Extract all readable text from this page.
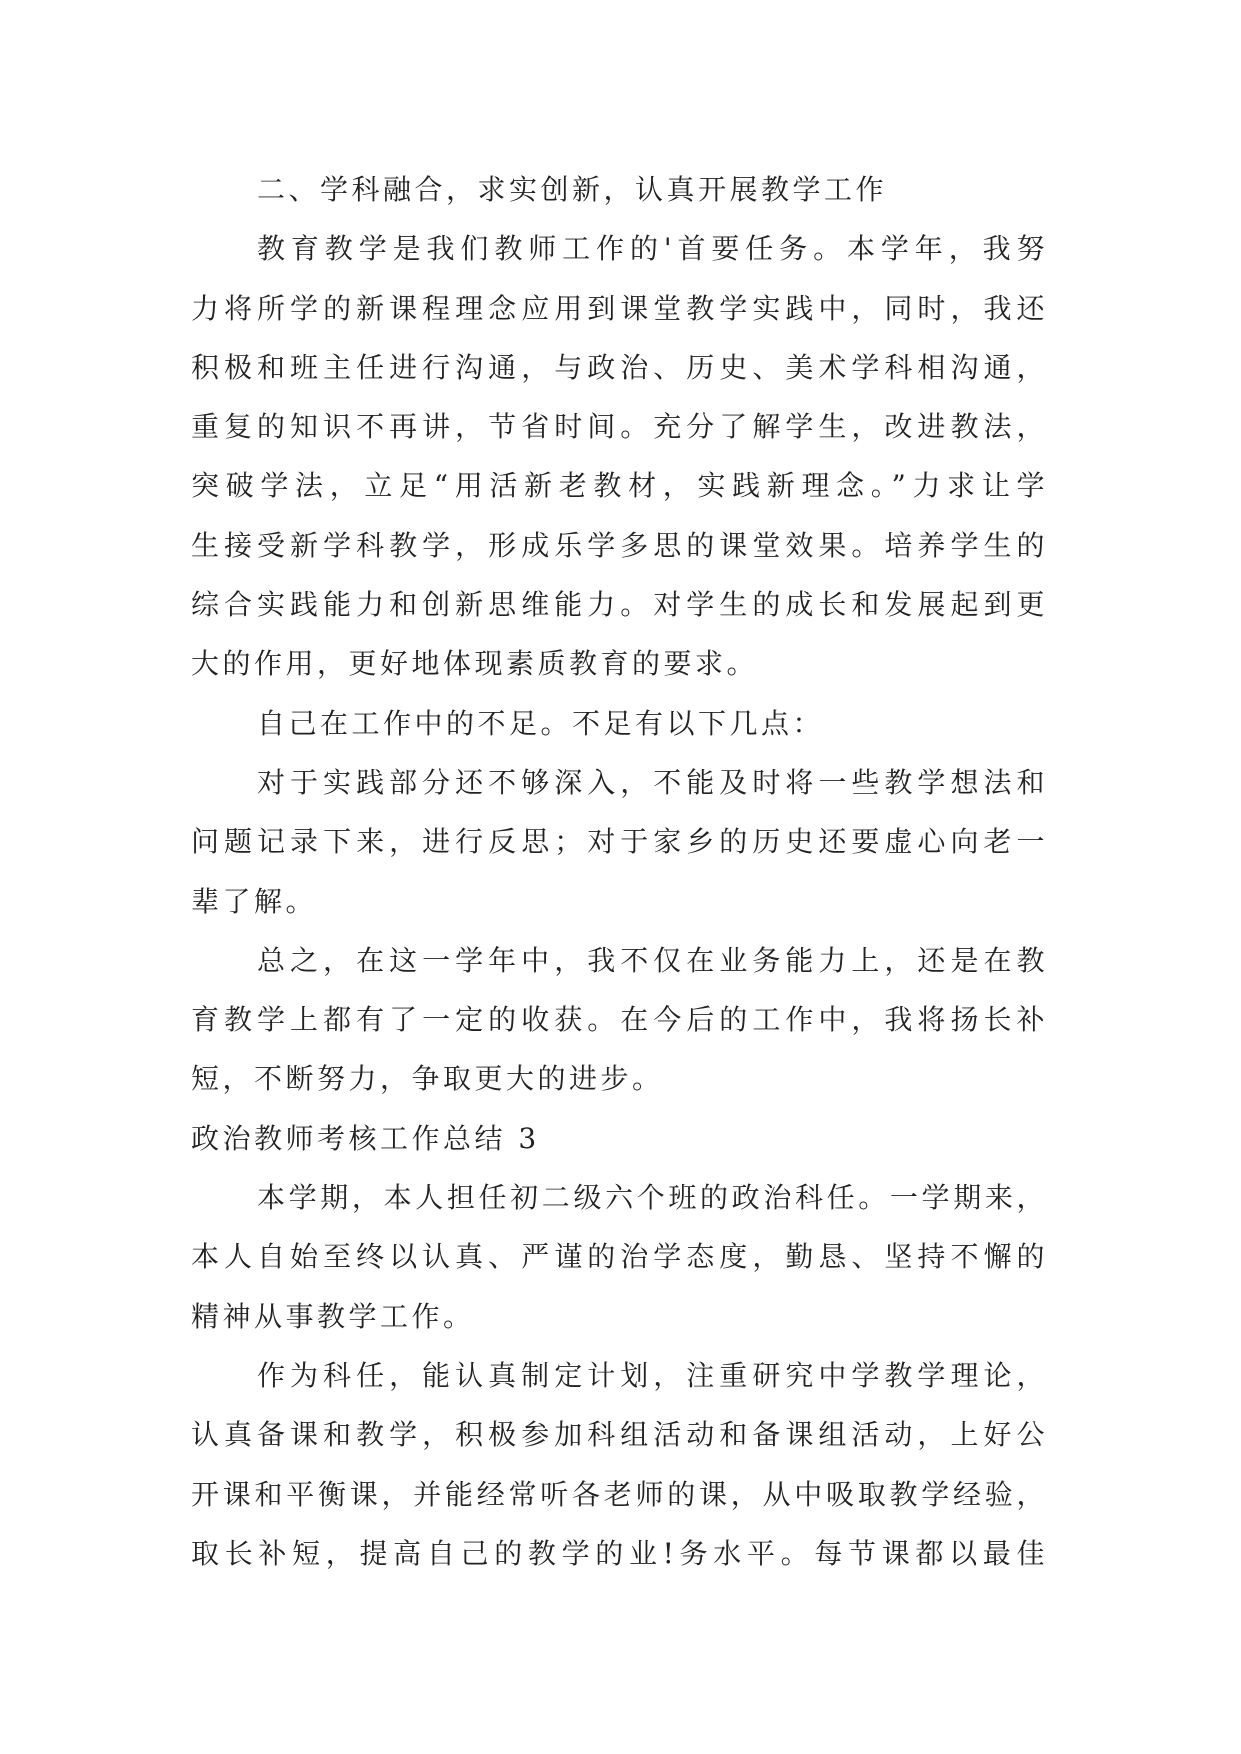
二、学科融合，求实创新，认真开展教学工作
教育教学是我们教师工作的'首要任务。本学年，我努
力将所学的新课程理念应用到课堂教学实践中，同时，我还
积极和班主任进行沟通，与政治、历史、美术学科相沟通，
重复的知识不再讲，节省时间。充分了解学生，改进教法，
突破学法，立足“用活新老教材，实践新理念。”力求让学
生接受新学科教学，形成乐学多思的课堂效果。培养学生的
综合实践能力和创新思维能力。对学生的成长和发展起到更
大的作用，更好地体现素质教育的要求。
自己在工作中的不足。不足有以下几点：
对于实践部分还不够深入，不能及时将一些教学想法和
问题记录下来，进行反思；对于家乡的历史还要虚心向老一
辈了解。
总之，在这一学年中，我不仅在业务能力上，还是在教
育教学上都有了一定的收获。在今后的工作中，我将扬长补
短，不断努力，争取更大的进步。
政治教师考核工作总结 3
本学期，本人担任初二级六个班的政治科任。一学期来，
本人自始至终以认真、严谨的治学态度，勤恳、坚持不懈的
精神从事教学工作。
作为科任，能认真制定计划，注重研究中学教学理论，
认真备课和教学，积极参加科组活动和备课组活动，上好公
开课和平衡课，并能经常听各老师的课，从中吸取教学经验，
取长补短，提高自己的教学的业!务水平。每节课都以最佳
